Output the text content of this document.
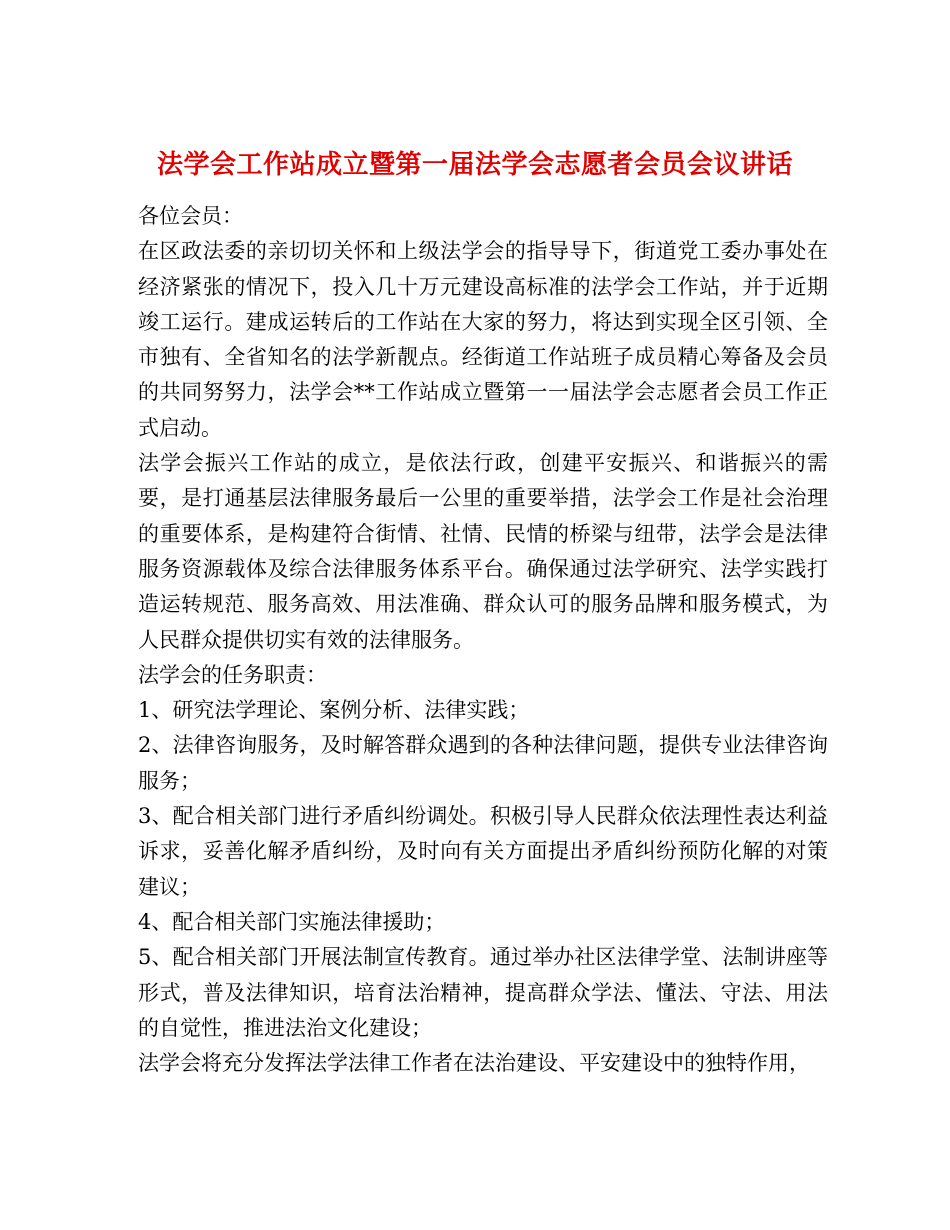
法学会工作站成立暨第一届法学会志愿者会员会议讲话

各位会员：

在区政法委的亲切切关怀和上级法学会的指导导下，街道党工委办事处在经济紧张的情况下，投入几十万元建设高标准的法学会工作站，并于近期竣工运行。建成运转后的工作站在大家的努力，将达到实现全区引领、全市独有、全省知名的法学新靓点。经街道工作站班子成员精心筹备及会员的共同努努力，法学会**工作站成立暨第一一届法学会志愿者会员工作正式启动。

法学会振兴工作站的成立，是依法行政，创建平安振兴、和谐振兴的需要，是打通基层法律服务最后一公里的重要举措，法学会工作是社会治理的重要体系，是构建符合街情、社情、民情的桥梁与纽带，法学会是法律服务资源载体及综合法律服务体系平台。确保通过法学研究、法学实践打造运转规范、服务高效、用法准确、群众认可的服务品牌和服务模式，为人民群众提供切实有效的法律服务。

法学会的任务职责：

1、研究法学理论、案例分析、法律实践；

2、法律咨询服务，及时解答群众遇到的各种法律问题，提供专业法律咨询服务；

3、配合相关部门进行矛盾纠纷调处。积极引导人民群众依法理性表达利益诉求，妥善化解矛盾纠纷，及时向有关方面提出矛盾纠纷预防化解的对策建议；

4、配合相关部门实施法律援助；

5、配合相关部门开展法制宣传教育。通过举办社区法律学堂、法制讲座等形式，普及法律知识，培育法治精神，提高群众学法、懂法、守法、用法的自觉性，推进法治文化建设；

法学会将充分发挥法学法律工作者在法治建设、平安建设中的独特作用，
